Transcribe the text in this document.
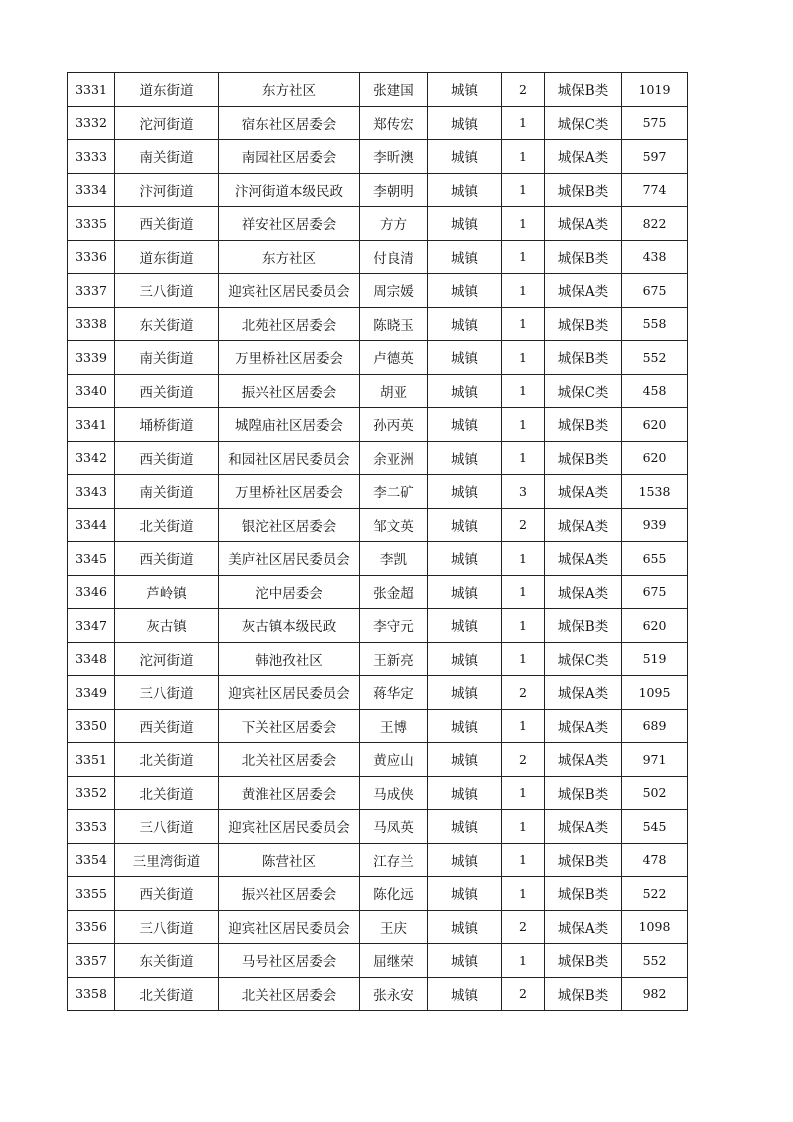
3331	道东街道	东方社区	张建国	城镇	2	城保B类	1019
3332	沱河街道	宿东社区居委会	郑传宏	城镇	1	城保C类	575
3333	南关街道	南园社区居委会	李昕澳	城镇	1	城保A类	597
3334	汴河街道	汴河街道本级民政	李朝明	城镇	1	城保B类	774
3335	西关街道	祥安社区居委会	方方	城镇	1	城保A类	822
3336	道东街道	东方社区	付良清	城镇	1	城保B类	438
3337	三八街道	迎宾社区居民委员会	周宗媛	城镇	1	城保A类	675
3338	东关街道	北苑社区居委会	陈晓玉	城镇	1	城保B类	558
3339	南关街道	万里桥社区居委会	卢德英	城镇	1	城保B类	552
3340	西关街道	振兴社区居委会	胡亚	城镇	1	城保C类	458
3341	埇桥街道	城隍庙社区居委会	孙丙英	城镇	1	城保B类	620
3342	西关街道	和园社区居民委员会	余亚洲	城镇	1	城保B类	620
3343	南关街道	万里桥社区居委会	李二矿	城镇	3	城保A类	1538
3344	北关街道	银沱社区居委会	邹文英	城镇	2	城保A类	939
3345	西关街道	美庐社区居民委员会	李凯	城镇	1	城保A类	655
3346	芦岭镇	沱中居委会	张金超	城镇	1	城保A类	675
3347	灰古镇	灰古镇本级民政	李守元	城镇	1	城保B类	620
3348	沱河街道	韩池孜社区	王新亮	城镇	1	城保C类	519
3349	三八街道	迎宾社区居民委员会	蒋华定	城镇	2	城保A类	1095
3350	西关街道	下关社区居委会	王博	城镇	1	城保A类	689
3351	北关街道	北关社区居委会	黄应山	城镇	2	城保A类	971
3352	北关街道	黄淮社区居委会	马成侠	城镇	1	城保B类	502
3353	三八街道	迎宾社区居民委员会	马凤英	城镇	1	城保A类	545
3354	三里湾街道	陈营社区	江存兰	城镇	1	城保B类	478
3355	西关街道	振兴社区居委会	陈化远	城镇	1	城保B类	522
3356	三八街道	迎宾社区居民委员会	王庆	城镇	2	城保A类	1098
3357	东关街道	马号社区居委会	屈继荣	城镇	1	城保B类	552
3358	北关街道	北关社区居委会	张永安	城镇	2	城保B类	982
